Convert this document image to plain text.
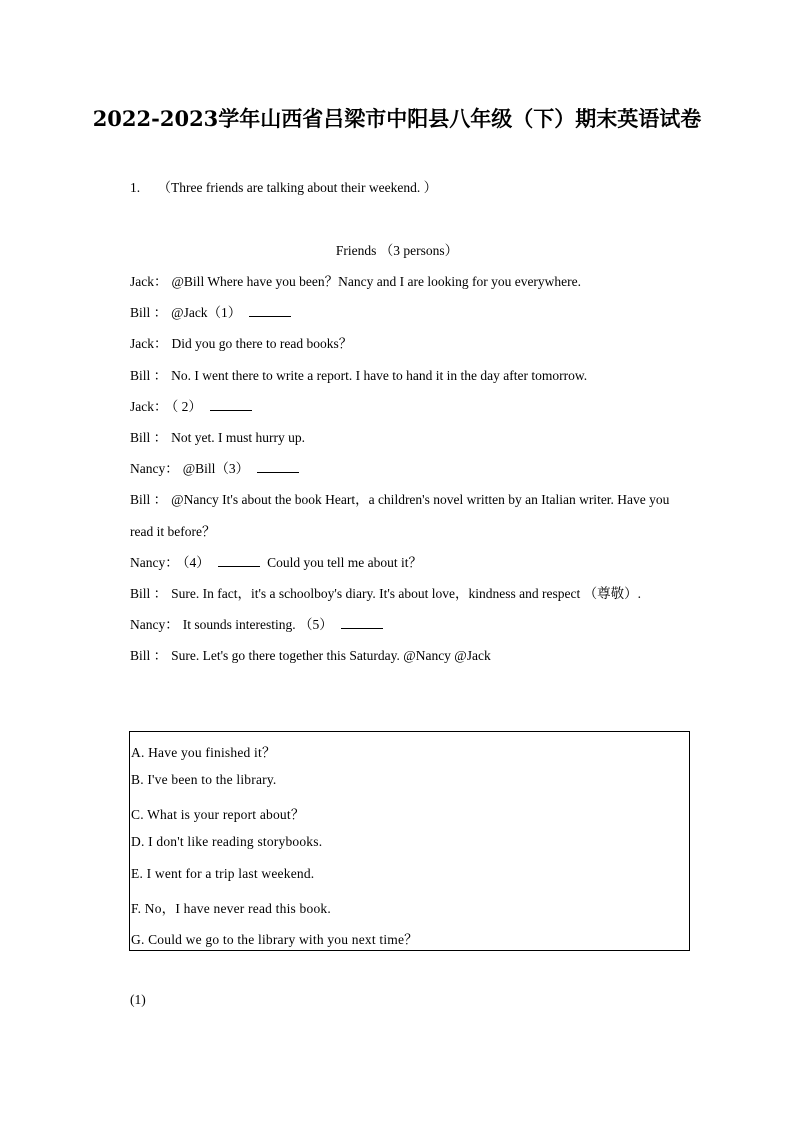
2022-2023学年山西省吕梁市中阳县八年级（下）期末英语试卷
1. （Three friends are talking about their weekend. ）
Friends （3 persons）
Jack： @Bill Where have you been？Nancy and I are looking for you everywhere.
Bill ： @Jack（1）
Jack： Did you go there to read books？
Bill ： No. I went there to write a report. I have to hand it in the day after tomorrow.
Jack： （ 2）
Bill ： Not yet. I must hurry up.
Nancy： @Bill（3）
Bill ： @Nancy It's about the book Heart，a children's novel written by an Italian writer. Have you
read it before？
Nancy： （4）	Could you tell me about it？
Bill ： Sure. In fact，it's a schoolboy's diary. It's about love，kindness and respect （尊敬）.
Nancy： It sounds interesting. （5）
Bill ： Sure. Let's go there together this Saturday. @Nancy @Jack
A. Have you finished it？
B. I've been to the library.
C. What is your report about？
D. I don't like reading storybooks.
E. I went for a trip last weekend.
F. No，I have never read this book.
G. Could we go to the library with you next time？
(1)
